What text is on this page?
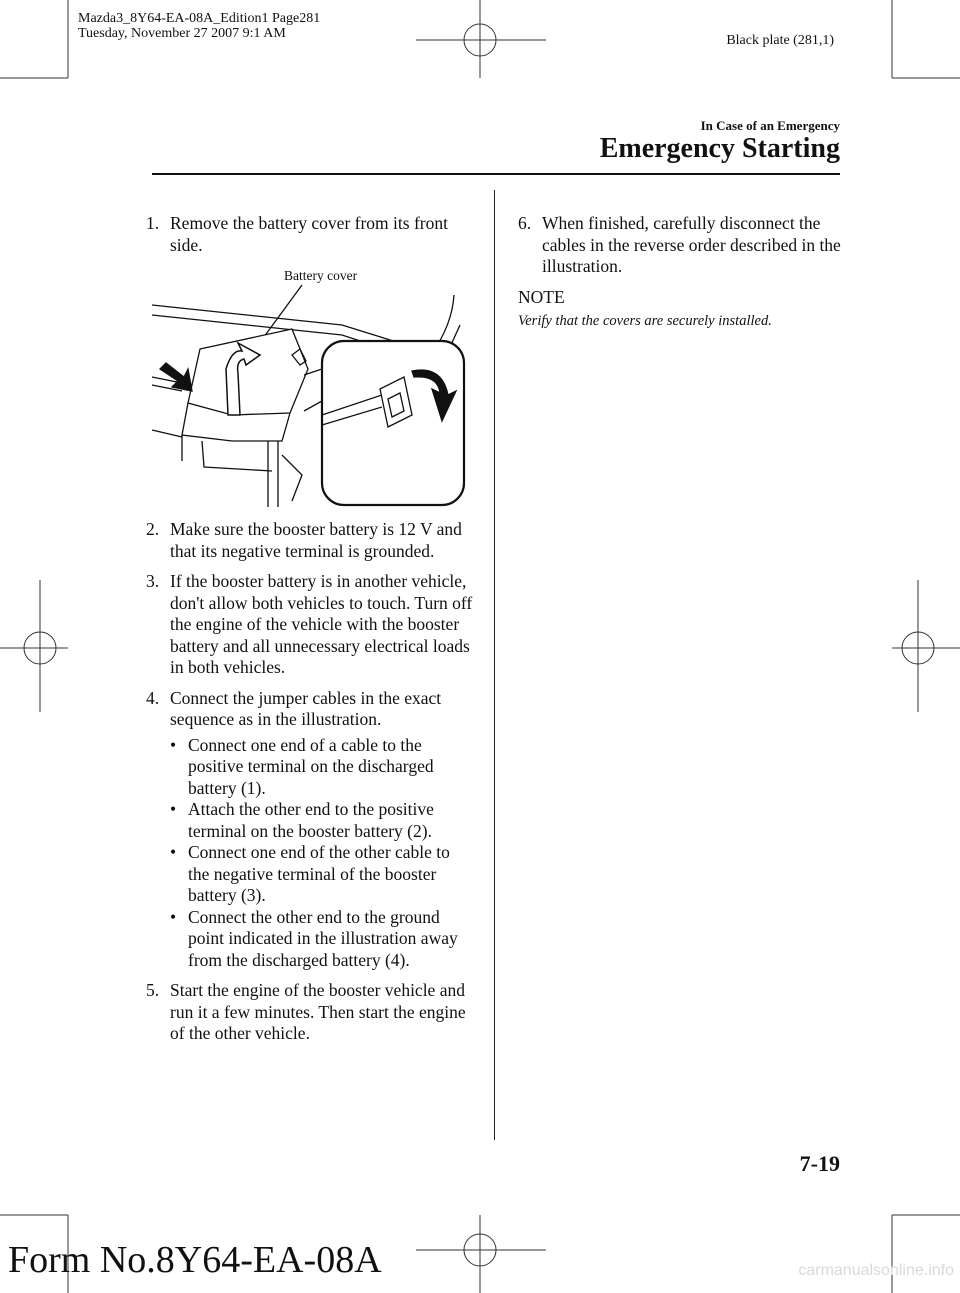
Mazda3_8Y64-EA-08A_Edition1 Page281
Tuesday, November 27 2007 9:1 AM	Black plate (281,1)
In Case of an Emergency
Emergency Starting
1. Remove the battery cover from its front side.
Battery cover
2. Make sure the booster battery is 12 V and that its negative terminal is grounded.
3. If the booster battery is in another vehicle, don't allow both vehicles to touch. Turn off the engine of the vehicle with the booster battery and all unnecessary electrical loads in both vehicles.
4. Connect the jumper cables in the exact sequence as in the illustration.
• Connect one end of a cable to the positive terminal on the discharged battery (1).
• Attach the other end to the positive terminal on the booster battery (2).
• Connect one end of the other cable to the negative terminal of the booster battery (3).
• Connect the other end to the ground point indicated in the illustration away from the discharged battery (4).
5. Start the engine of the booster vehicle and run it a few minutes. Then start the engine of the other vehicle.
6. When finished, carefully disconnect the cables in the reverse order described in the illustration.
NOTE
Verify that the covers are securely installed.
7-19
Form No.8Y64-EA-08A	carmanualsonline.info
